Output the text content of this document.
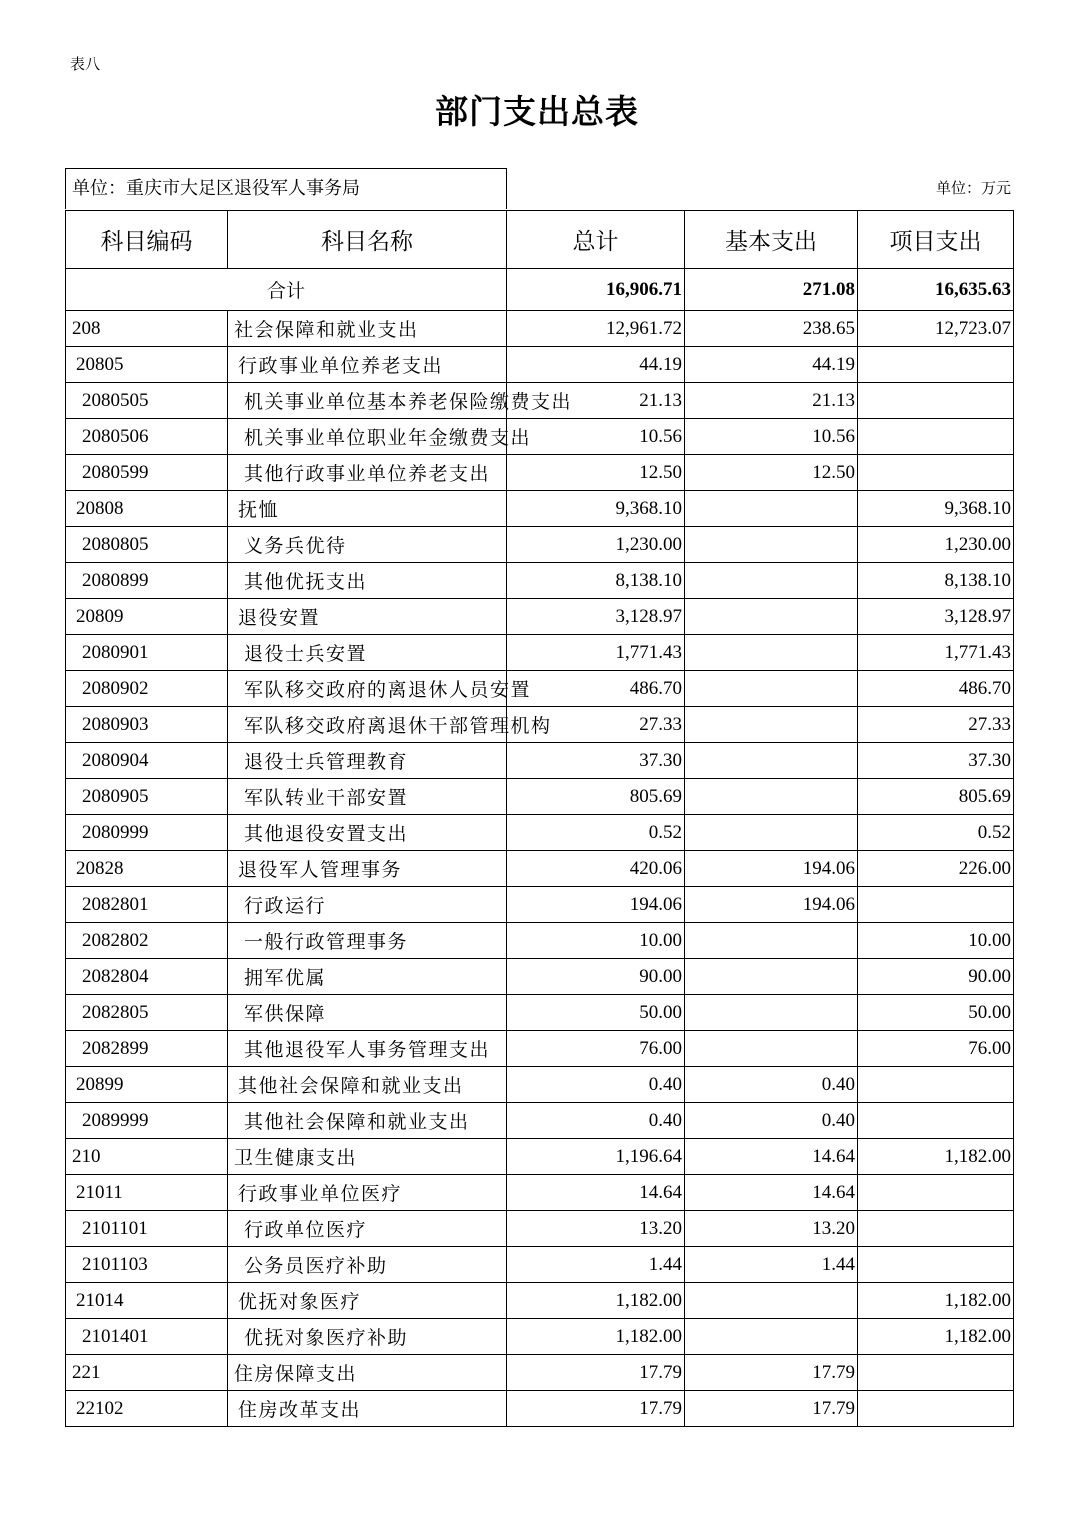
表八
部门支出总表
单位：重庆市大足区退役军人事务局	单位：万元
科目编码	科目名称	总计	基本支出	项目支出
合计		16,906.71	271.08	16,635.63
208	社会保障和就业支出	12,961.72	238.65	12,723.07
20805	行政事业单位养老支出	44.19	44.19	
2080505	机关事业单位基本养老保险缴费支出	21.13	21.13	
2080506	机关事业单位职业年金缴费支出	10.56	10.56	
2080599	其他行政事业单位养老支出	12.50	12.50	
20808	抚恤	9,368.10		9,368.10
2080805	义务兵优待	1,230.00		1,230.00
2080899	其他优抚支出	8,138.10		8,138.10
20809	退役安置	3,128.97		3,128.97
2080901	退役士兵安置	1,771.43		1,771.43
2080902	军队移交政府的离退休人员安置	486.70		486.70
2080903	军队移交政府离退休干部管理机构	27.33		27.33
2080904	退役士兵管理教育	37.30		37.30
2080905	军队转业干部安置	805.69		805.69
2080999	其他退役安置支出	0.52		0.52
20828	退役军人管理事务	420.06	194.06	226.00
2082801	行政运行	194.06	194.06	
2082802	一般行政管理事务	10.00		10.00
2082804	拥军优属	90.00		90.00
2082805	军供保障	50.00		50.00
2082899	其他退役军人事务管理支出	76.00		76.00
20899	其他社会保障和就业支出	0.40	0.40	
2089999	其他社会保障和就业支出	0.40	0.40	
210	卫生健康支出	1,196.64	14.64	1,182.00
21011	行政事业单位医疗	14.64	14.64	
2101101	行政单位医疗	13.20	13.20	
2101103	公务员医疗补助	1.44	1.44	
21014	优抚对象医疗	1,182.00		1,182.00
2101401	优抚对象医疗补助	1,182.00		1,182.00
221	住房保障支出	17.79	17.79	
22102	住房改革支出	17.79	17.79	
